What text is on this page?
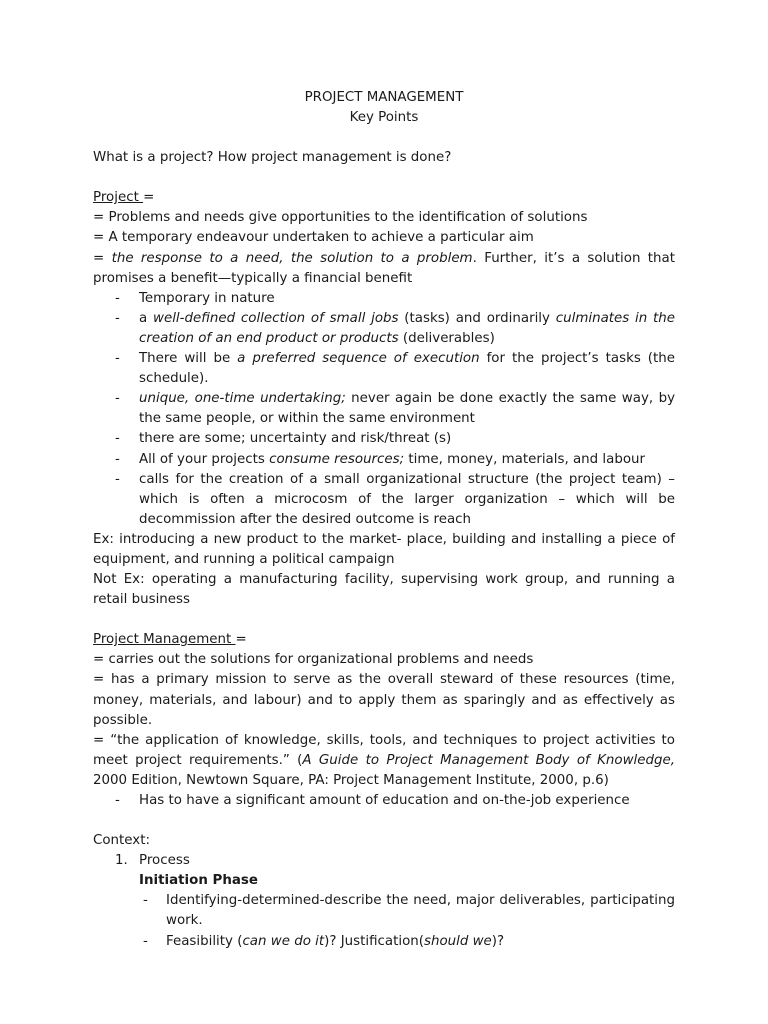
PROJECT MANAGEMENT

Key Points

What is a project? How project management is done?

Project =

= Problems and needs give opportunities to the identification of solutions

= A temporary endeavour undertaken to achieve a particular aim

= the response to a need, the solution to a problem. Further, it’s a solution that promises a benefit—typically a financial benefit

- Temporary in nature
- a well-defined collection of small jobs (tasks) and ordinarily culminates in the creation of an end product or products (deliverables)
- There will be a preferred sequence of execution for the project’s tasks (the schedule).
- unique, one-time undertaking; never again be done exactly the same way, by the same people, or within the same environment
- there are some; uncertainty and risk/threat (s)
- All of your projects consume resources; time, money, materials, and labour
- calls for the creation of a small organizational structure (the project team) – which is often a microcosm of the larger organization – which will be decommission after the desired outcome is reach

Ex: introducing a new product to the market- place, building and installing a piece of equipment, and running a political campaign

Not Ex: operating a manufacturing facility, supervising work group, and running a retail business

Project Management =

= carries out the solutions for organizational problems and needs

= has a primary mission to serve as the overall steward of these resources (time, money, materials, and labour) and to apply them as sparingly and as effectively as possible.

= “the application of knowledge, skills, tools, and techniques to project activities to meet project requirements.” (A Guide to Project Management Body of Knowledge, 2000 Edition, Newtown Square, PA: Project Management Institute, 2000, p.6)

- Has to have a significant amount of education and on-the-job experience

Context:

1. Process

Initiation Phase

- Identifying-determined-describe the need, major deliverables, participating work.
- Feasibility (can we do it)? Justification(should we)?
